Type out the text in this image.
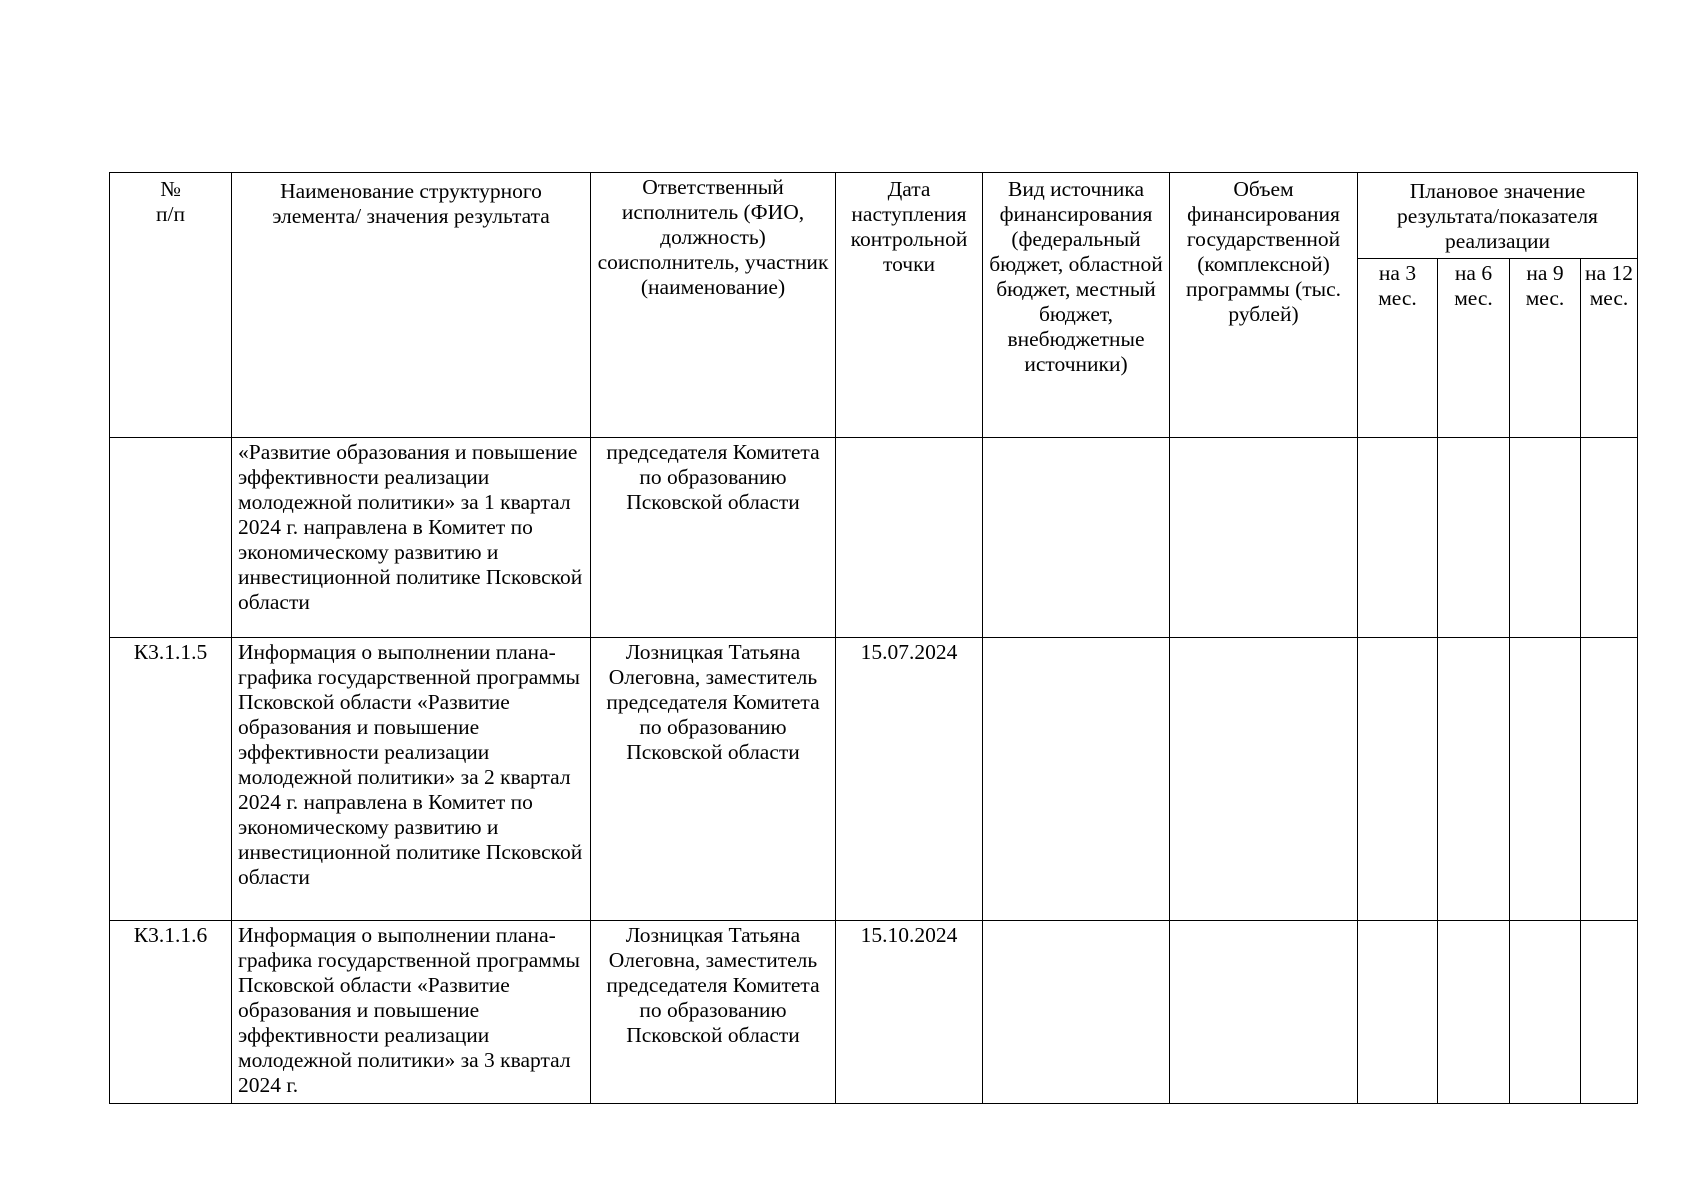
№
п/п	Наименование структурного элемента/ значения результата	Ответственный исполнитель (ФИО, должность) соисполнитель, участник (наименование)	Дата наступления контрольной точки	Вид источника финансирования (федеральный бюджет, областной бюджет, местный бюджет, внебюджетные источники)	Объем финансирования государственной (комплексной) программы (тыс. рублей)	Плановое значение результата/показателя реализации			
						на 3 мес.	на 6 мес.	на 9 мес.	на 12 мес.
	«Развитие образования и повышение эффективности реализации молодежной политики» за 1 квартал 2024 г. направлена в Комитет по экономическому развитию и инвестиционной политике Псковской области	председателя Комитета по образованию Псковской области							
К3.1.1.5	Информация о выполнении плана-графика государственной программы Псковской области «Развитие образования и повышение эффективности реализации молодежной политики» за 2 квартал 2024 г. направлена в Комитет по экономическому развитию и инвестиционной политике Псковской области	Лозницкая Татьяна Олеговна, заместитель председателя Комитета по образованию Псковской области	15.07.2024						
К3.1.1.6	Информация о выполнении плана-графика государственной программы Псковской области «Развитие образования и повышение эффективности реализации молодежной политики» за 3 квартал 2024 г.	Лозницкая Татьяна Олеговна, заместитель председателя Комитета по образованию Псковской области	15.10.2024						
